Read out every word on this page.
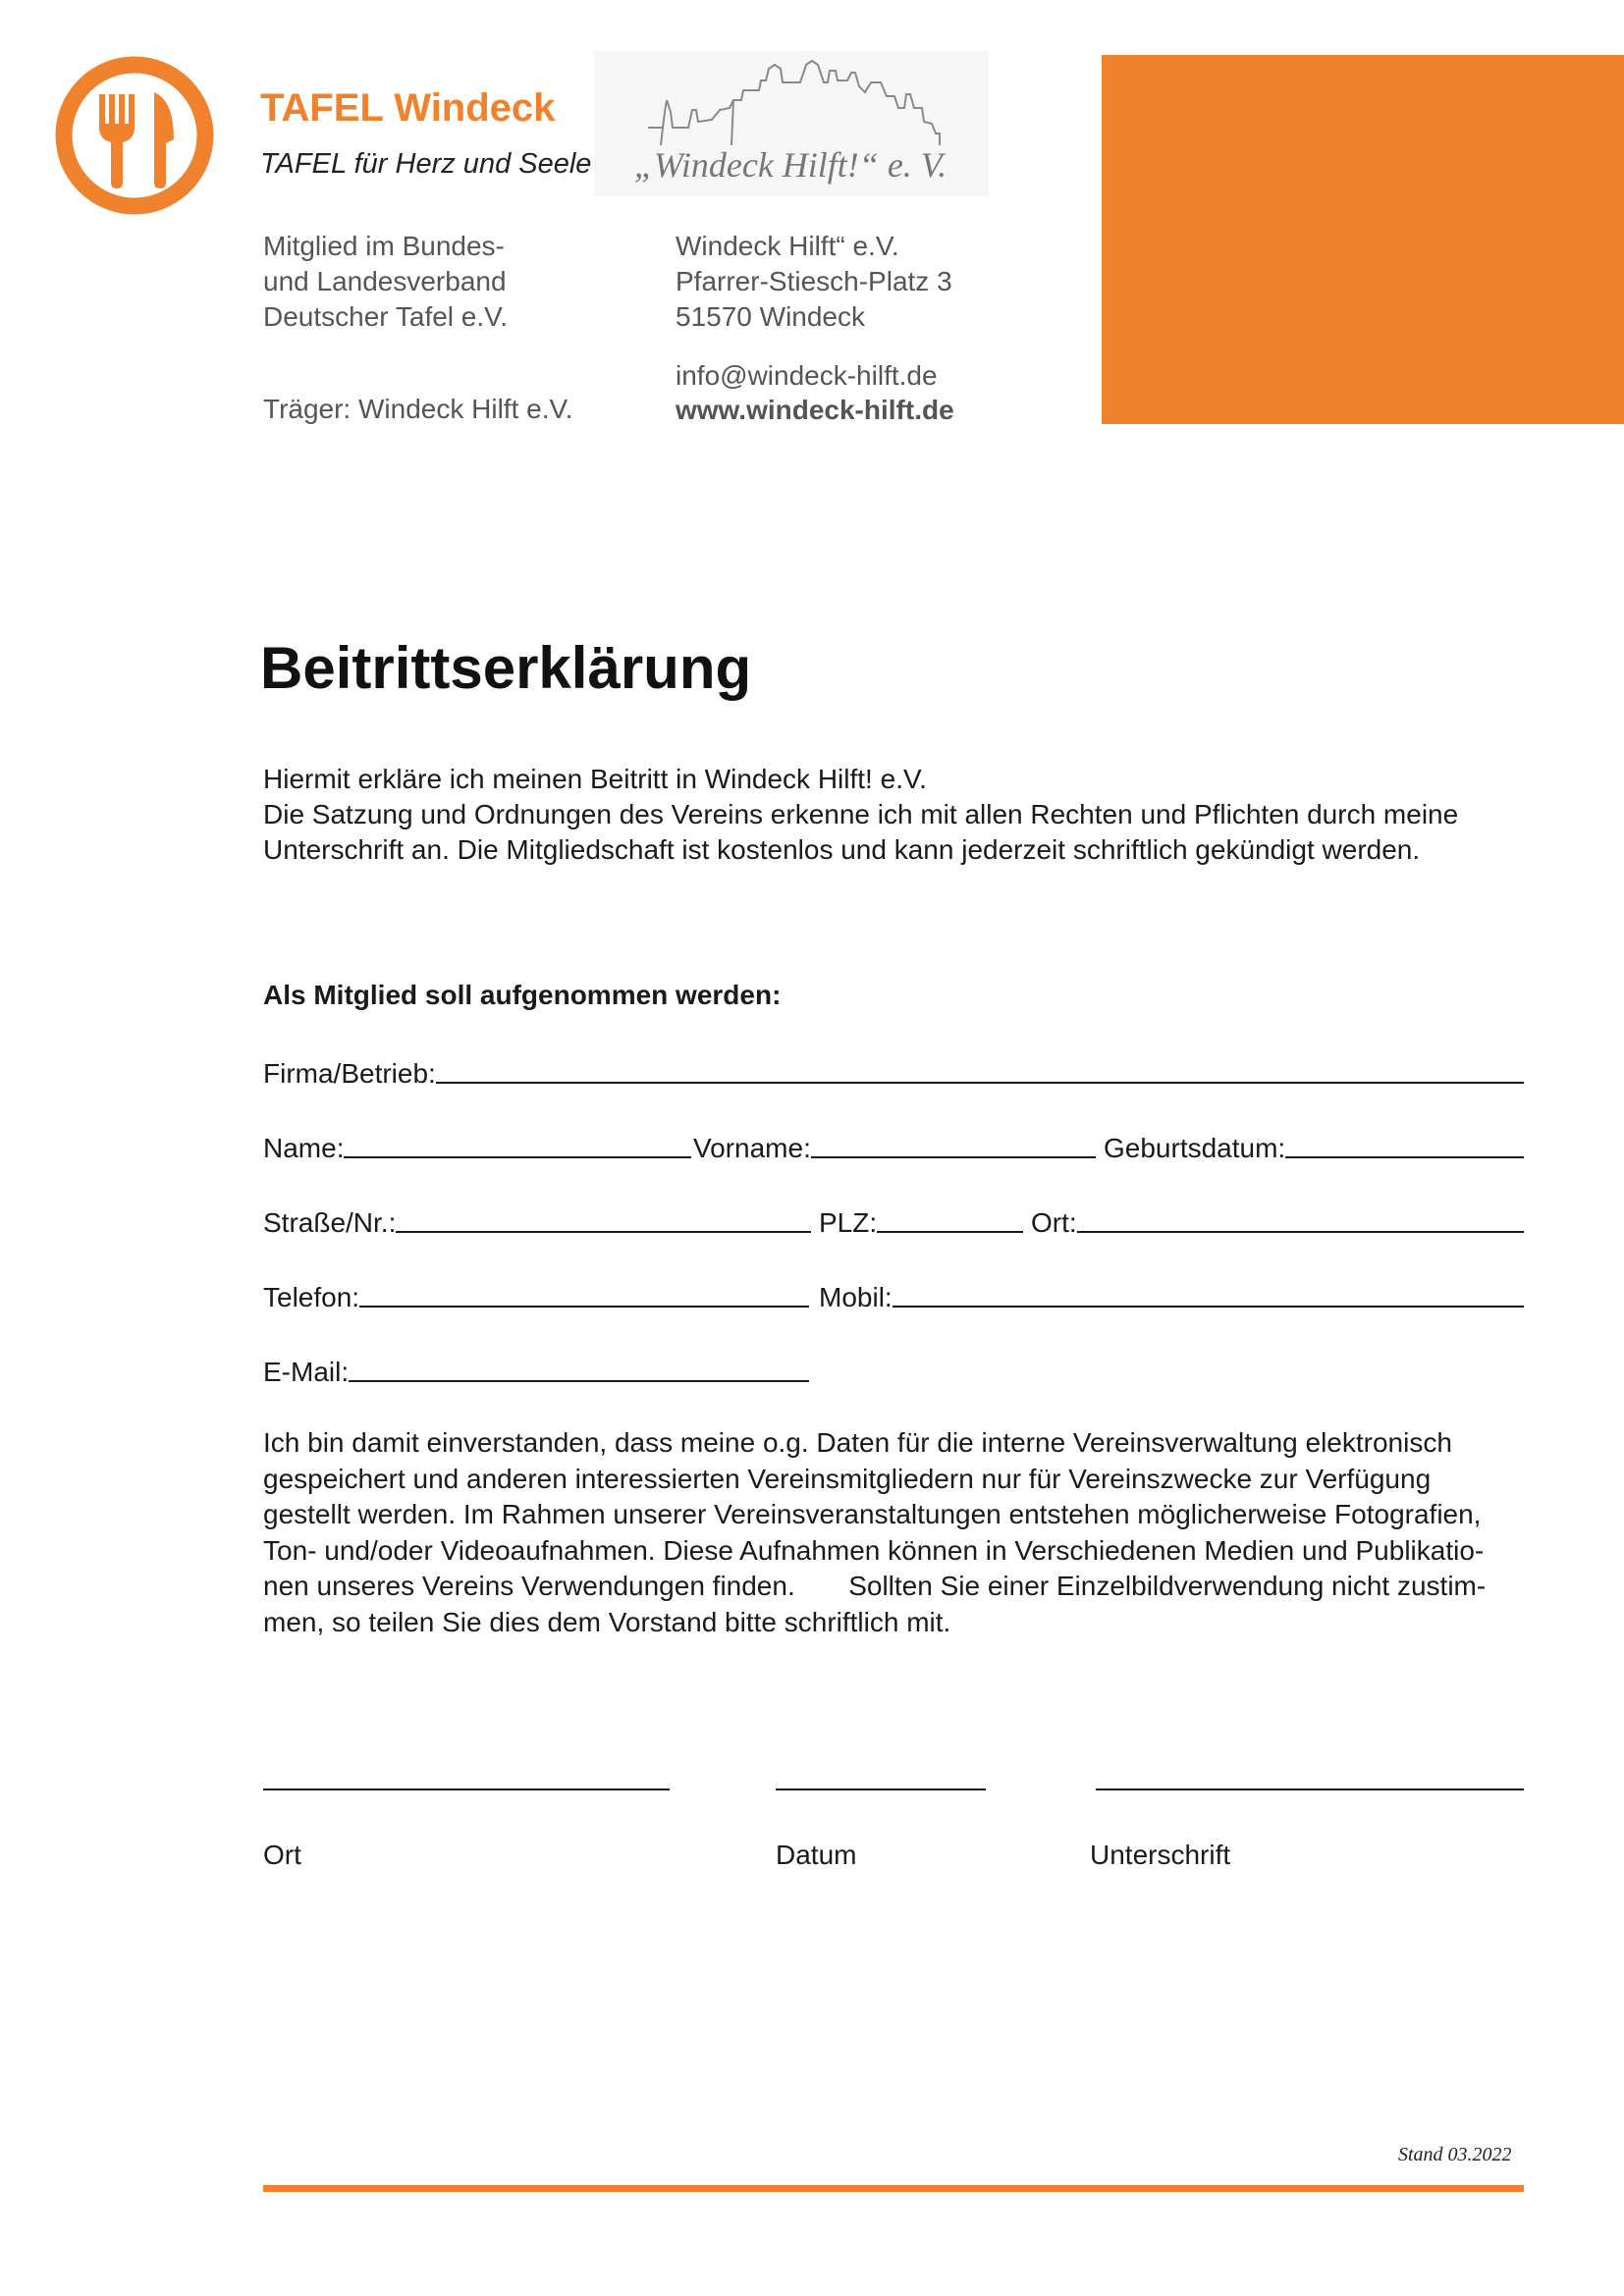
TAFEL Windeck
TAFEL für Herz und Seele „Windeck Hilft!“ e. V.
Mitglied im Bundes-
und Landesverband
Deutscher Tafel e.V.
Träger: Windeck Hilft e.V.
Windeck Hilft“ e.V.
Pfarrer-Stiesch-Platz 3
51570 Windeck
info@windeck-hilft.de
www.windeck-hilft.de
Beitrittserklärung
Hiermit erkläre ich meinen Beitritt in Windeck Hilft! e.V.
Die Satzung und Ordnungen des Vereins erkenne ich mit allen Rechten und Pflichten durch meine
Unterschrift an. Die Mitgliedschaft ist kostenlos und kann jederzeit schriftlich gekündigt werden.
Als Mitglied soll aufgenommen werden:
Firma/Betrieb:
Name:	Vorname:	Geburtsdatum:
Straße/Nr.:	PLZ:	Ort:
Telefon:	Mobil:
E-Mail:
Ich bin damit einverstanden, dass meine o.g. Daten für die interne Vereinsverwaltung elektronisch
gespeichert und anderen interessierten Vereinsmitgliedern nur für Vereinszwecke zur Verfügung
gestellt werden. Im Rahmen unserer Vereinsveranstaltungen entstehen möglicherweise Fotografien,
Ton- und/oder Videoaufnahmen. Diese Aufnahmen können in Verschiedenen Medien und Publikatio-
nen unseres Vereins Verwendungen finden.       Sollten Sie einer Einzelbildverwendung nicht zustim-
men, so teilen Sie dies dem Vorstand bitte schriftlich mit.
Ort	Datum	Unterschrift
Stand 03.2022
